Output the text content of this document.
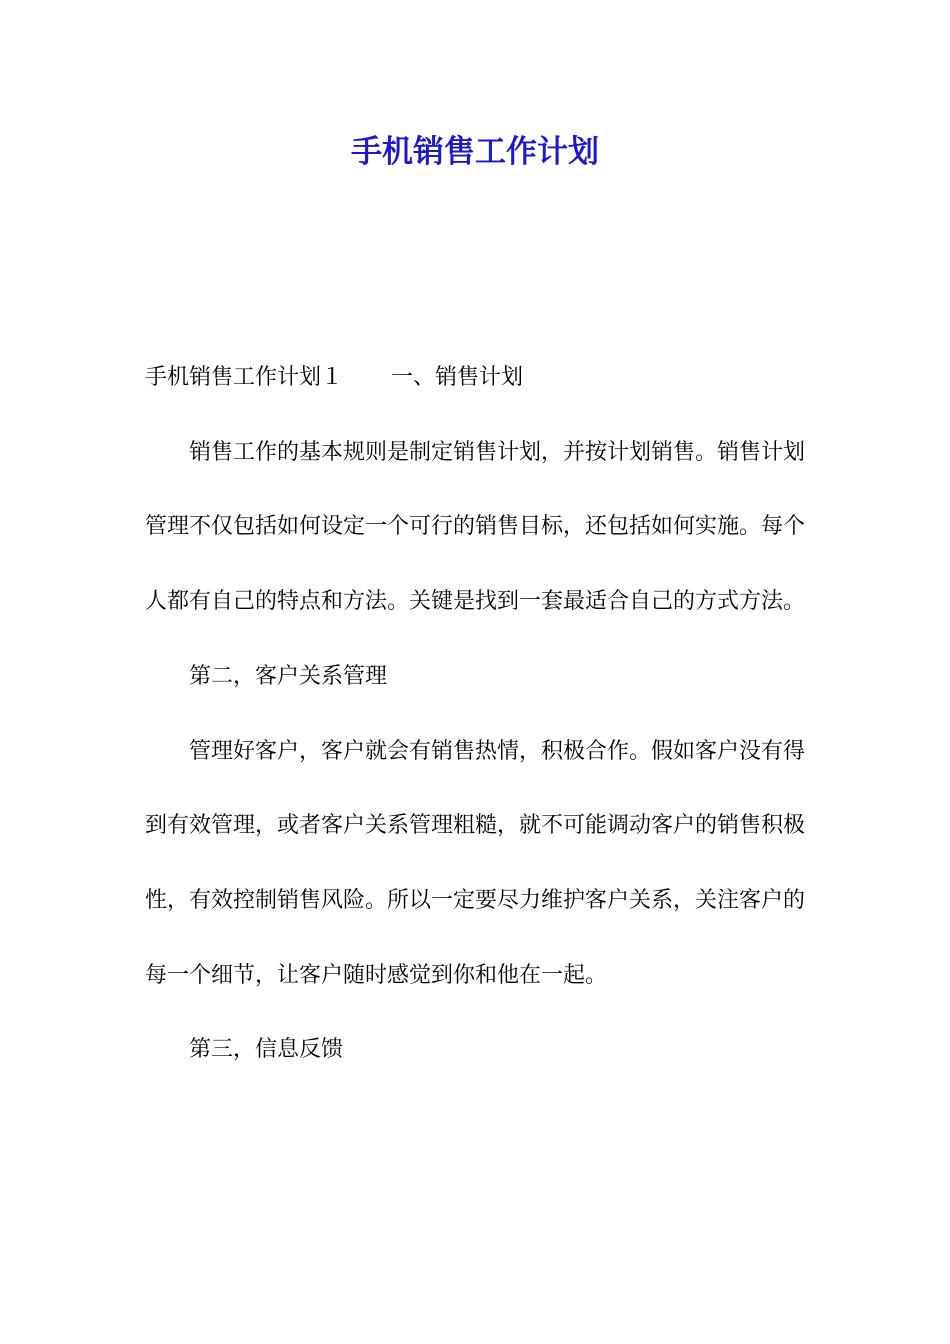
手机销售工作计划

手机销售工作计划１ 一、销售计划

销售工作的基本规则是制定销售计划，并按计划销售。销售计划管理不仅包括如何设定一个可行的销售目标，还包括如何实施。每个人都有自己的特点和方法。关键是找到一套最适合自己的方式方法。

第二，客户关系管理

管理好客户，客户就会有销售热情，积极合作。假如客户没有得到有效管理，或者客户关系管理粗糙，就不可能调动客户的销售积极性，有效控制销售风险。所以一定要尽力维护客户关系，关注客户的每一个细节，让客户随时感觉到你和他在一起。

第三，信息反馈
